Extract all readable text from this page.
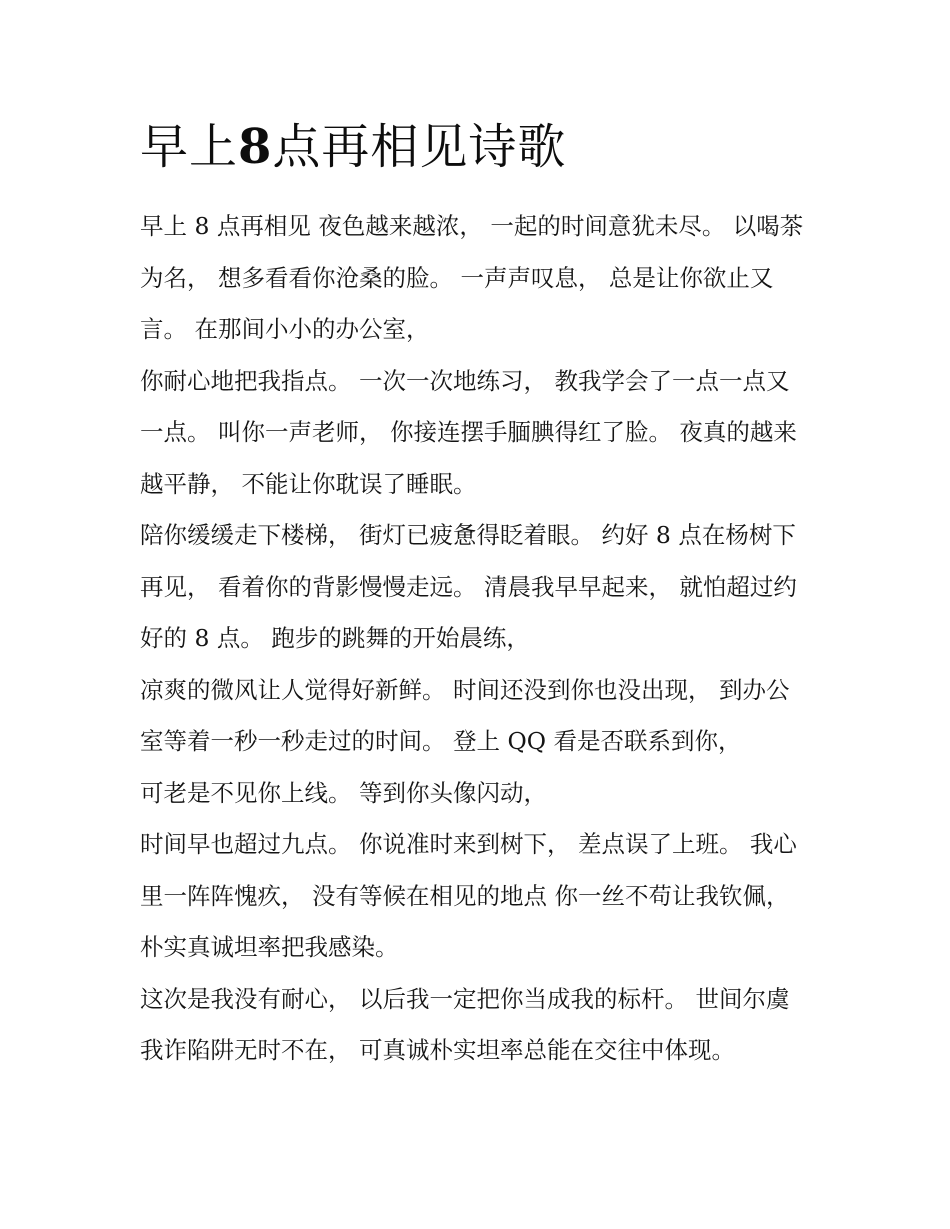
早上8点再相见诗歌

早上 8 点再相见 夜色越来越浓， 一起的时间意犹未尽。 以喝茶为名， 想多看看你沧桑的脸。 一声声叹息， 总是让你欲止又言。 在那间小小的办公室，

你耐心地把我指点。 一次一次地练习， 教我学会了一点一点又一点。 叫你一声老师， 你接连摆手腼腆得红了脸。 夜真的越来越平静， 不能让你耽误了睡眠。

陪你缓缓走下楼梯， 街灯已疲惫得眨着眼。 约好 8 点在杨树下再见， 看着你的背影慢慢走远。 清晨我早早起来， 就怕超过约好的 8 点。 跑步的跳舞的开始晨练，

凉爽的微风让人觉得好新鲜。 时间还没到你也没出现， 到办公室等着一秒一秒走过的时间。 登上 QQ 看是否联系到你，

可老是不见你上线。 等到你头像闪动，

时间早也超过九点。 你说准时来到树下， 差点误了上班。 我心里一阵阵愧疚， 没有等候在相见的地点 你一丝不苟让我钦佩， 朴实真诚坦率把我感染。

这次是我没有耐心， 以后我一定把你当成我的标杆。 世间尔虞我诈陷阱无时不在， 可真诚朴实坦率总能在交往中体现。
